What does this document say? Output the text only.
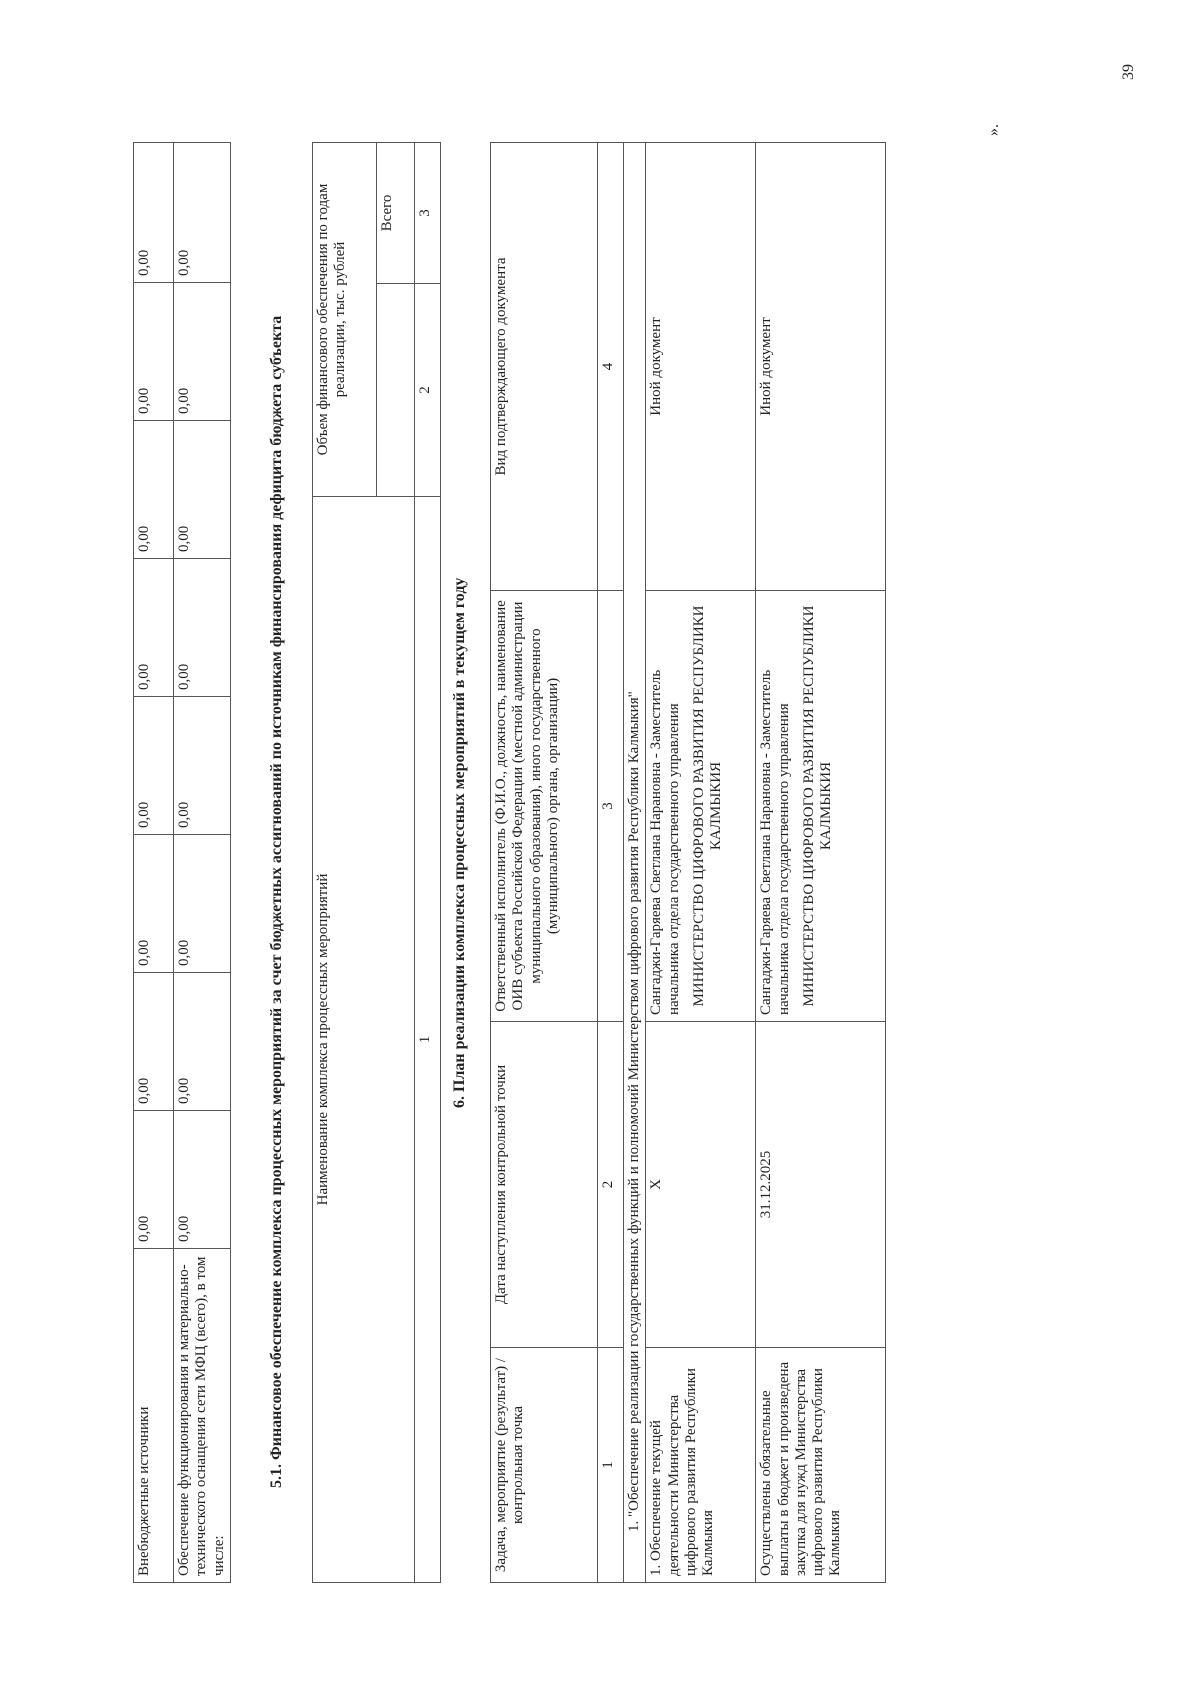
Внебюджетные источники	0,00	0,00	0,00	0,00	0,00	0,00	0,00	0,00
Обеспечение функционирования и материально-технического оснащения сети МФЦ (всего), в том числе:	0,00	0,00	0,00	0,00	0,00	0,00	0,00	0,00
5.1. Финансовое обеспечение комплекса процессных мероприятий за счет бюджетных ассигнований по источникам финансирования дефицита бюджета субъекта Наименование комплекса процессных мероприятий	Объем финансового обеспечения по годам реализации, тыс. рублей	
		Всего
1	2	3
6. План реализации комплекса процессных мероприятий в текущем году
Задача, мероприятие (результат) / контрольная точка	Дата наступления контрольной точки	Ответственный исполнитель (Ф.И.О., должность, наименование ОИВ субъекта Российской Федерации (местной администрации муниципального образования), иного государственного (муниципального) органа, организации)	Вид подтверждающего документа
1	2	3	4
1. "Обеспечение реализации государственных функций и полномочий Министерством цифрового развития Республики Калмыкия"			
1. Обеспечение текущей деятельности Министерства цифрового развития Республики Калмыкия	X	Сангаджи-Гаряева Светлана Нарановна - Заместитель начальника отдела государственного управления МИНИСТЕРСТВО ЦИФРОВОГО РАЗВИТИЯ РЕСПУБЛИКИ КАЛМЫКИЯ	Иной документ
Осуществлены обязательные выплаты в бюджет и произведена закупка для нужд Министерства цифрового развития Республики Калмыкия	31.12.2025	Сангаджи-Гаряева Светлана Нарановна - Заместитель начальника отдела государственного управления МИНИСТЕРСТВО ЦИФРОВОГО РАЗВИТИЯ РЕСПУБЛИКИ КАЛМЫКИЯ	Иной документ
».
39
